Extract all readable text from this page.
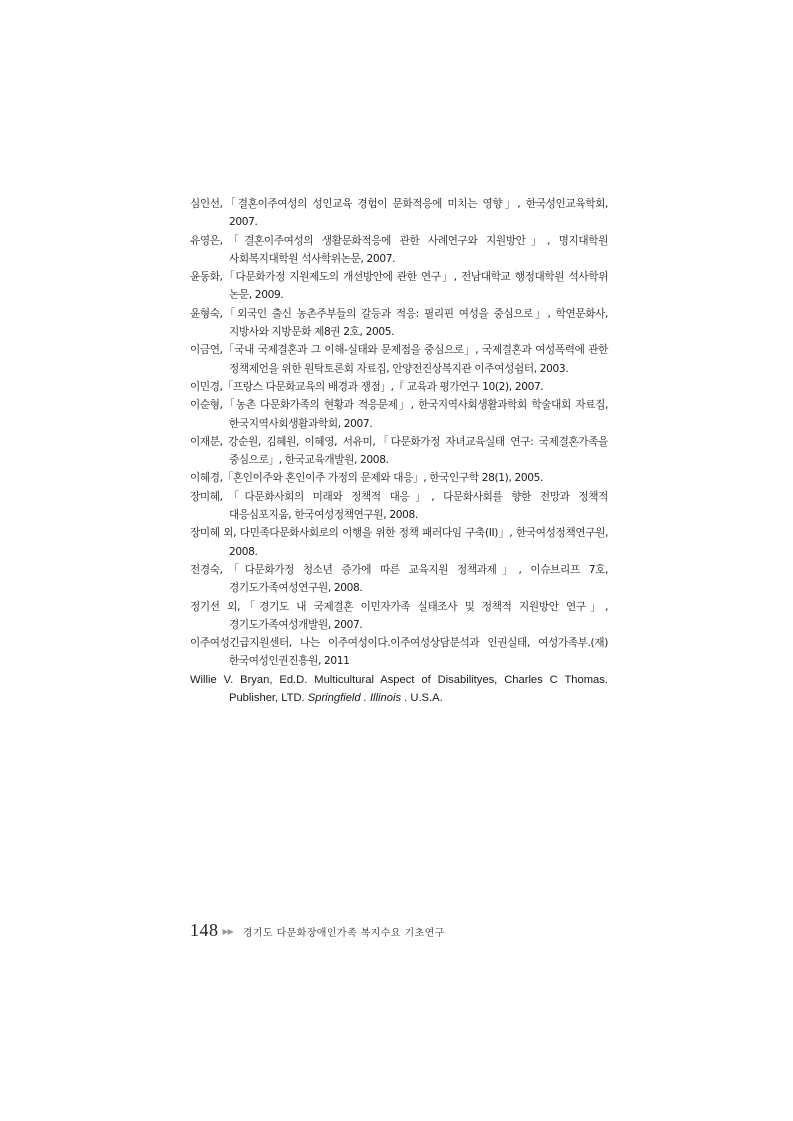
심인선,「결혼이주여성의 성인교육 경험이 문화적응에 미치는 영향」, 한국성인교육학회, 2007.

유영은,「결혼이주여성의 생활문화적응에 관한 사례연구와 지원방안」, 명지대학원 사회복지대학원 석사학위논문, 2007.

윤동화,「다문화가정 지원제도의 개선방안에 관한 연구」, 전남대학교 행정대학원 석사학위 논문, 2009.

윤형숙,「외국인 출신 농촌주부들의 갈등과 적응: 필리핀 여성을 중심으로」, 학연문화사, 지방사와 지방문화 제8권 2호, 2005.

이금연,「국내 국제결혼과 그 이해-실태와 문제점을 중심으로」, 국제결혼과 여성폭력에 관한 정책제언을 위한 원탁토론회 자료집, 안양전진상복지관 이주여성쉼터, 2003.

이민경,「프랑스 다문화교육의 배경과 쟁점」,『 교육과 평가연구 10(2), 2007.

이순형,「농촌 다문화가족의 현황과 적응문제」, 한국지역사회생활과학회 학술대회 자료집, 한국지역사회생활과학회, 2007.

이재분, 강순원, 김혜원, 이혜영, 서유미,「다문화가정 자녀교육실태 연구: 국제결혼가족을 중심으로」, 한국교육개발원, 2008.

이혜경,「혼인이주와 혼인이주 가정의 문제와 대응」, 한국인구학 28(1), 2005.

장미혜,「다문화사회의 미래와 정책적 대응」, 다문화사회를 향한 전망과 정책적 대응심포지움, 한국여성정책연구원, 2008.

장미혜 외, 다민족다문화사회로의 이행을 위한 정책 패러다임 구축(II)」, 한국여성정책연구원, 2008.

전경숙,「다문화가정 청소년 증가에 따른 교육지원 정책과제」, 이슈브리프 7호, 경기도가족여성연구원, 2008.

정기선 외,「경기도 내 국제결혼 이민자가족 실태조사 및 정책적 지원방안 연구」, 경기도가족여성개발원, 2007.

이주여성긴급지원센터, 나는 이주여성이다.이주여성상담분석과 인권실태, 여성가족부.(재)한국여성인권진흥원, 2011

Willie V. Bryan, Ed.D. Multicultural Aspect of Disabilityes, Charles C Thomas. Publisher, LTD. Springfield . Illinois . U.S.A.

148 ▶▶ 경기도 다문화장애인가족 복지수요 기초연구
